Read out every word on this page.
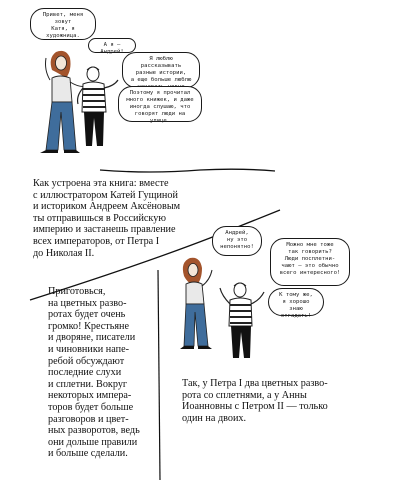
Привет, меня зовут
Катя, я художница.
А я — Андрей!
Я люблю рассказывать
разные истории,
а еще больше люблю

Поэтому я прочитал
много книжек, и даже
иногда слушаю, что
говорят люди на улице.
Как устроена эта книга: вместе
с иллюстратором Катей Гущиной
и историком Андреем Аксёновым
ты отправишься в Российскую
империю и застанешь правление
всех императоров, от Петра I
до Николая II.
Андрей,
ну это
непонятно!	Можно мне тоже
так говорить?
Люди посплетни-
чают — это обычно
всего интересного!
К тому же,
я хорошо
знаю отгадать!
Приготовься,
на цветных разво-
ротах будет очень
громко! Крестьяне
и дворяне, писатели
и чиновники напе-
ребой обсуждают
последние слухи
и сплетни. Вокруг
некоторых импера-
торов будет больше
разговоров и цвет-
ных разворотов, ведь
они дольше правили
и больше сделали.
Так, у Петра I два цветных разво-
рота со сплетнями, а у Анны
Иоанновны с Петром II — только
один на двоих.
